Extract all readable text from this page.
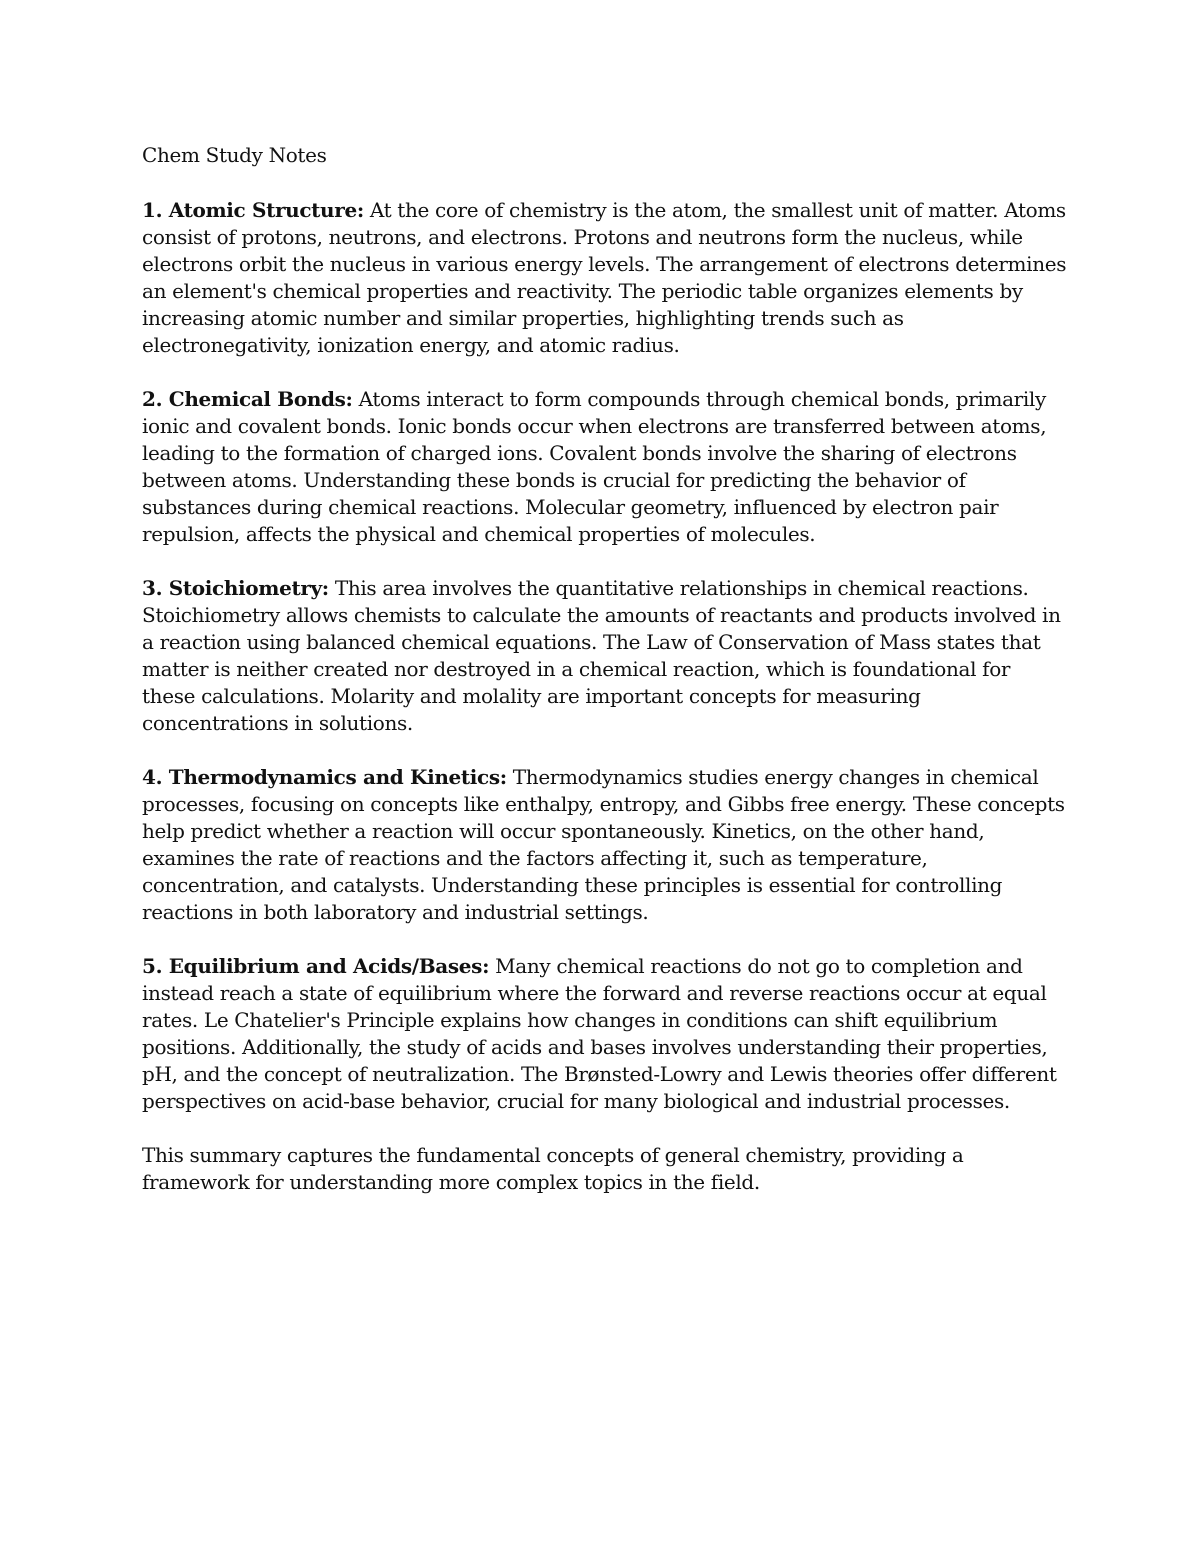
Chem Study Notes

1. Atomic Structure: At the core of chemistry is the atom, the smallest unit of matter. Atoms consist of protons, neutrons, and electrons. Protons and neutrons form the nucleus, while electrons orbit the nucleus in various energy levels. The arrangement of electrons determines an element's chemical properties and reactivity. The periodic table organizes elements by increasing atomic number and similar properties, highlighting trends such as electronegativity, ionization energy, and atomic radius.

2. Chemical Bonds: Atoms interact to form compounds through chemical bonds, primarily ionic and covalent bonds. Ionic bonds occur when electrons are transferred between atoms, leading to the formation of charged ions. Covalent bonds involve the sharing of electrons between atoms. Understanding these bonds is crucial for predicting the behavior of substances during chemical reactions. Molecular geometry, influenced by electron pair repulsion, affects the physical and chemical properties of molecules.

3. Stoichiometry: This area involves the quantitative relationships in chemical reactions. Stoichiometry allows chemists to calculate the amounts of reactants and products involved in a reaction using balanced chemical equations. The Law of Conservation of Mass states that matter is neither created nor destroyed in a chemical reaction, which is foundational for these calculations. Molarity and molality are important concepts for measuring concentrations in solutions.

4. Thermodynamics and Kinetics: Thermodynamics studies energy changes in chemical processes, focusing on concepts like enthalpy, entropy, and Gibbs free energy. These concepts help predict whether a reaction will occur spontaneously. Kinetics, on the other hand, examines the rate of reactions and the factors affecting it, such as temperature, concentration, and catalysts. Understanding these principles is essential for controlling reactions in both laboratory and industrial settings.

5. Equilibrium and Acids/Bases: Many chemical reactions do not go to completion and instead reach a state of equilibrium where the forward and reverse reactions occur at equal rates. Le Chatelier's Principle explains how changes in conditions can shift equilibrium positions. Additionally, the study of acids and bases involves understanding their properties, pH, and the concept of neutralization. The Brønsted-Lowry and Lewis theories offer different perspectives on acid-base behavior, crucial for many biological and industrial processes.

This summary captures the fundamental concepts of general chemistry, providing a framework for understanding more complex topics in the field.
